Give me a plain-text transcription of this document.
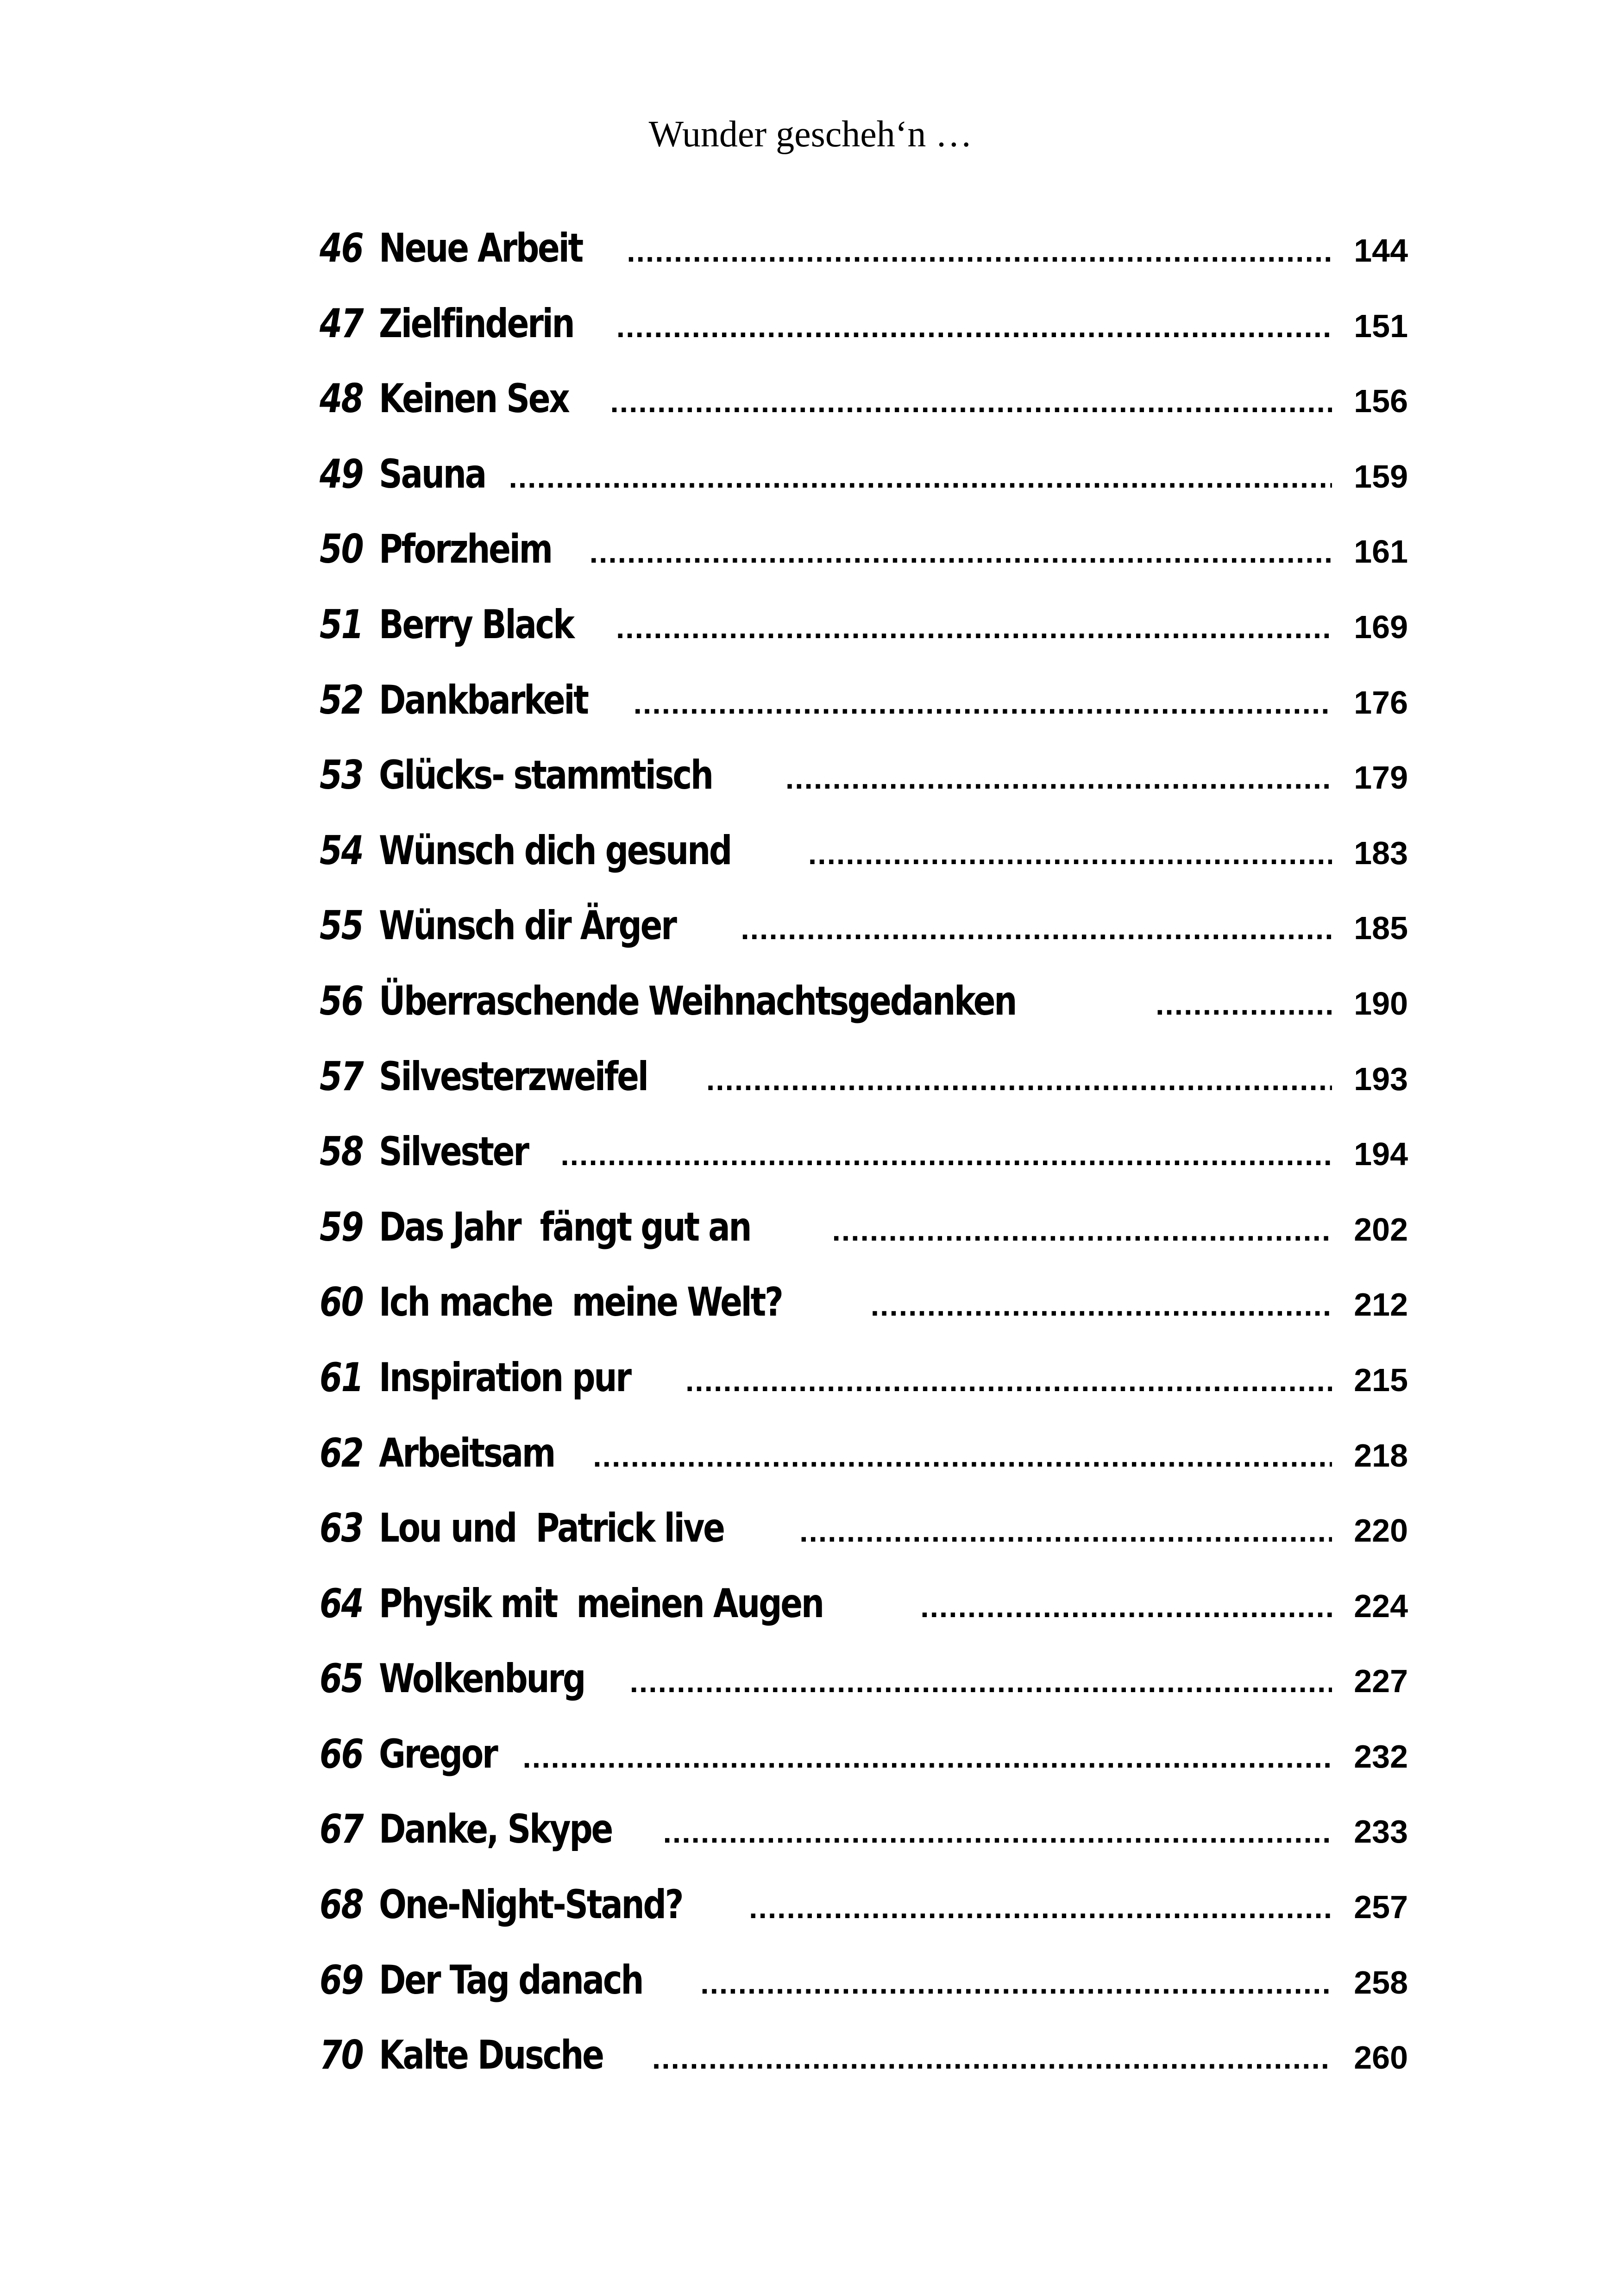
Wunder gescheh‘n …
46 Neue Arbeit .....	144
47 Zielfinderin .....	151
48 Keinen Sex .....	156
49 Sauna .....	159
50 Pforzheim .....	161
51 Berry Black .....	169
52 Dankbarkeit .....	176
53 Glücks- stammtisch .....	179
54 Wünsch dich gesund .....	183
55 Wünsch dir Ärger .....	185
56 Überraschende Weihnachtsgedanken .....	190
57 Silvesterzweifel .....	193
58 Silvester .....	194
59 Das Jahr  fängt gut an .....	202
60 Ich mache  meine Welt? .....	212
61 Inspiration pur .....	215
62 Arbeitsam .....	218
63 Lou und  Patrick live .....	220
64 Physik mit  meinen Augen .....	224
65 Wolkenburg .....	227
66 Gregor .....	232
67 Danke, Skype .....	233
68 One-Night-Stand? .....	257
69 Der Tag danach .....	258
70 Kalte Dusche .....	260
